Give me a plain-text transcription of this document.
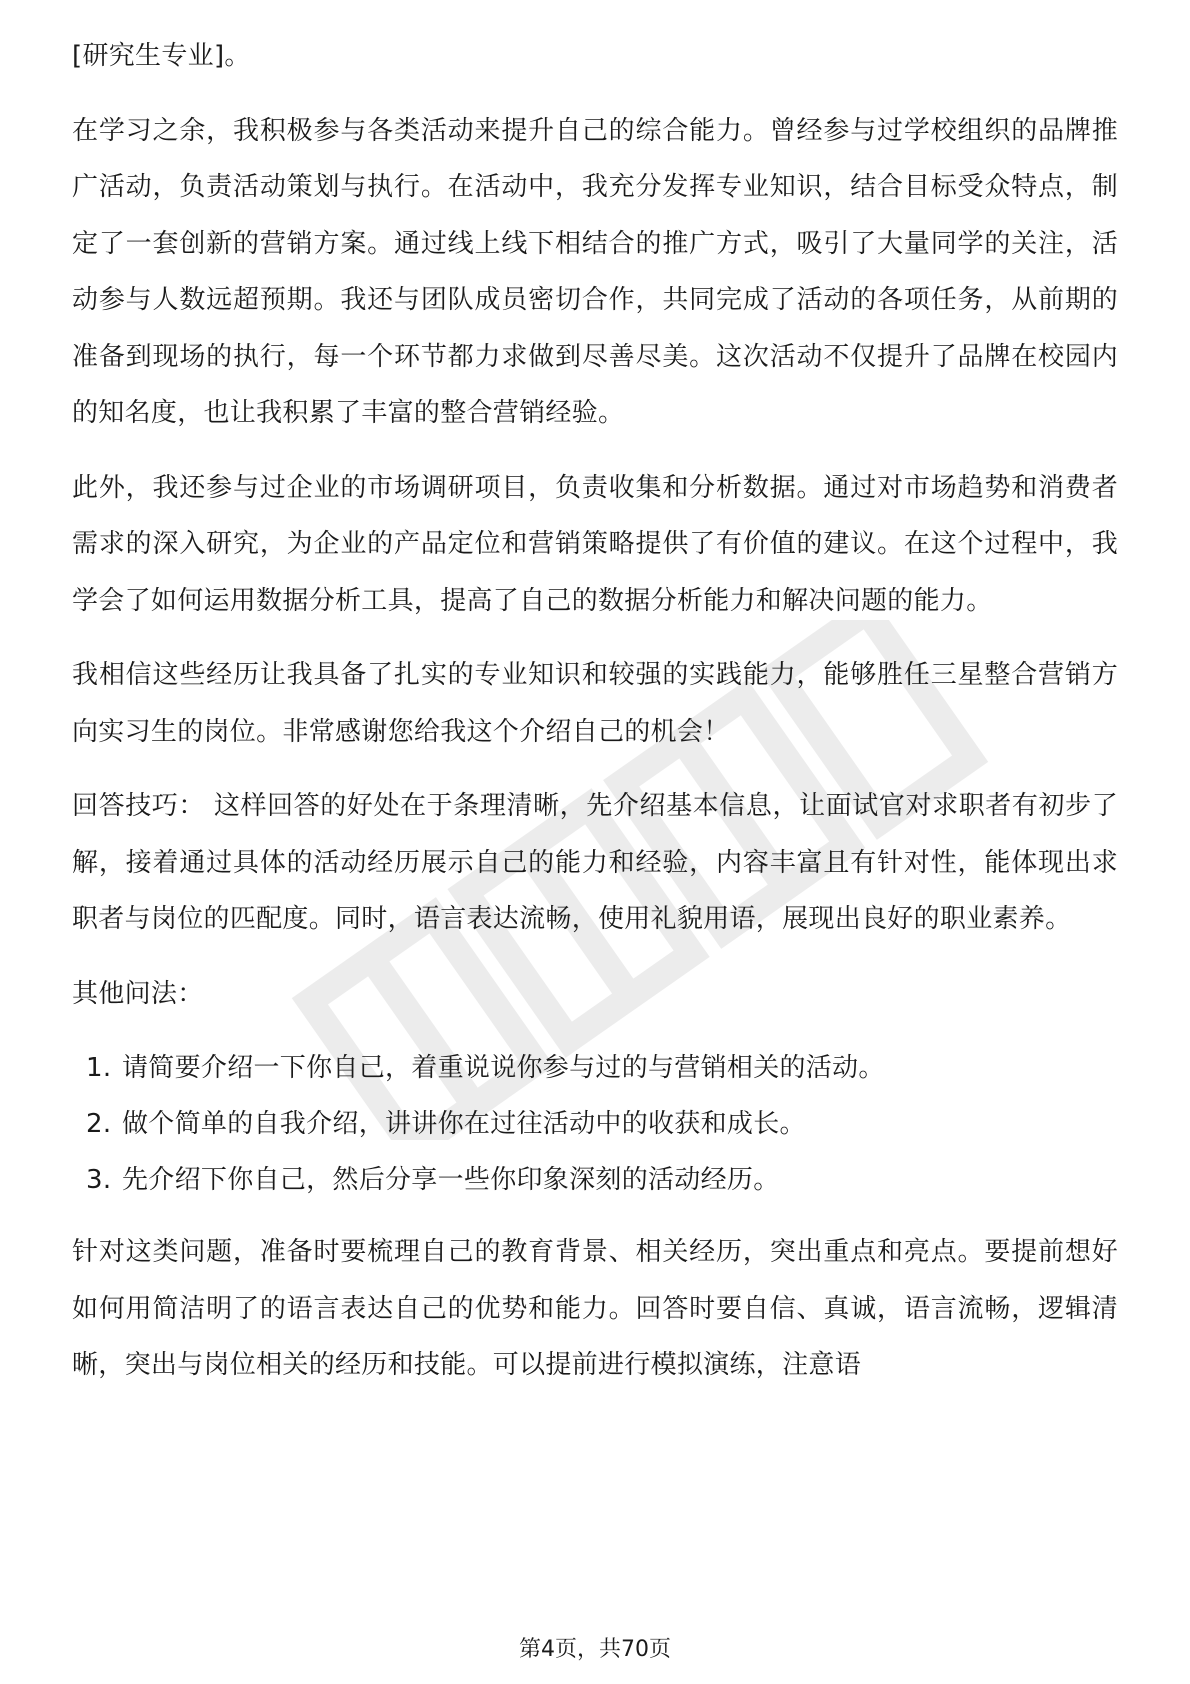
[研究生专业]。

在学习之余，我积极参与各类活动来提升自己的综合能力。曾经参与过学校组织的品牌推广活动，负责活动策划与执行。在活动中，我充分发挥专业知识，结合目标受众特点，制定了一套创新的营销方案。通过线上线下相结合的推广方式，吸引了大量同学的关注，活动参与人数远超预期。我还与团队成员密切合作，共同完成了活动的各项任务，从前期的准备到现场的执行，每一个环节都力求做到尽善尽美。这次活动不仅提升了品牌在校园内的知名度，也让我积累了丰富的整合营销经验。

此外，我还参与过企业的市场调研项目，负责收集和分析数据。通过对市场趋势和消费者需求的深入研究，为企业的产品定位和营销策略提供了有价值的建议。在这个过程中，我学会了如何运用数据分析工具，提高了自己的数据分析能力和解决问题的能力。

我相信这些经历让我具备了扎实的专业知识和较强的实践能力，能够胜任三星整合营销方向实习生的岗位。非常感谢您给我这个介绍自己的机会！

回答技巧： 这样回答的好处在于条理清晰，先介绍基本信息，让面试官对求职者有初步了解，接着通过具体的活动经历展示自己的能力和经验，内容丰富且有针对性，能体现出求职者与岗位的匹配度。同时，语言表达流畅，使用礼貌用语，展现出良好的职业素养。

其他问法：

1. 请简要介绍一下你自己，着重说说你参与过的与营销相关的活动。
2. 做个简单的自我介绍，讲讲你在过往活动中的收获和成长。
3. 先介绍下你自己，然后分享一些你印象深刻的活动经历。

针对这类问题，准备时要梳理自己的教育背景、相关经历，突出重点和亮点。要提前想好如何用简洁明了的语言表达自己的优势和能力。回答时要自信、真诚，语言流畅，逻辑清晰，突出与岗位相关的经历和技能。可以提前进行模拟演练，注意语

第4页，共70页
